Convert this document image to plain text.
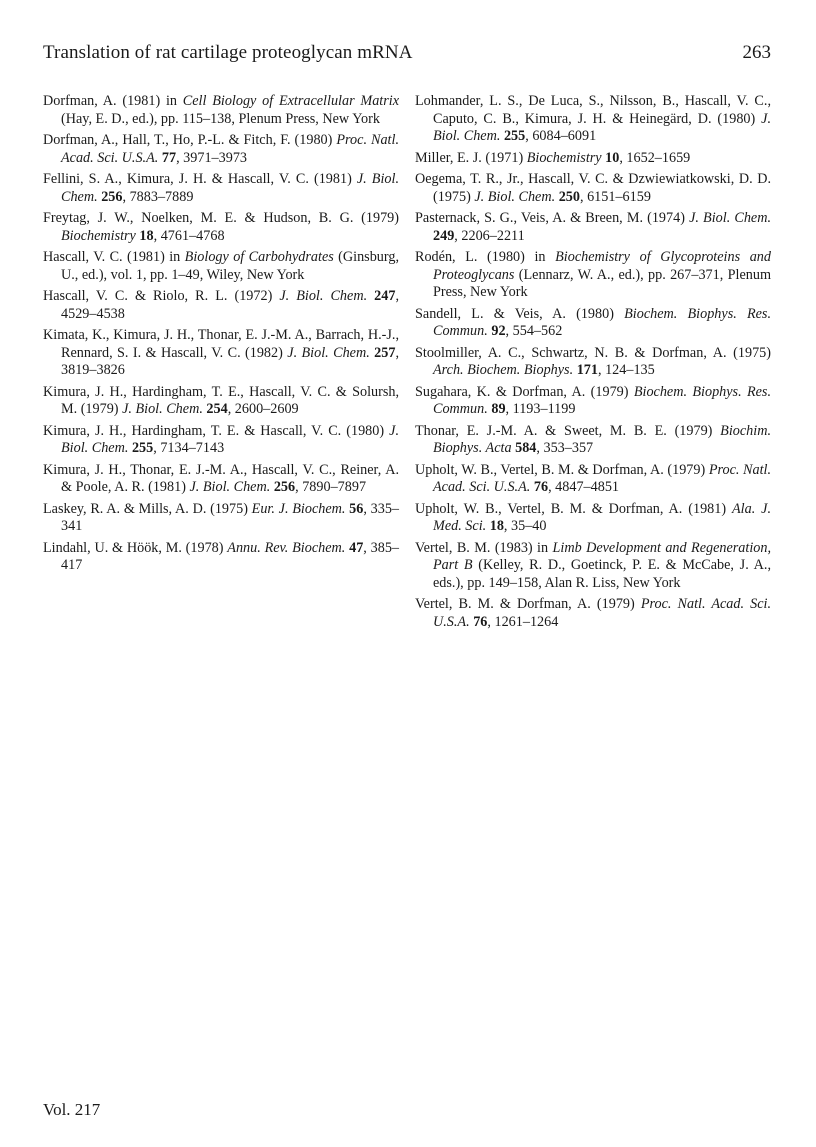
Translation of rat cartilage proteoglycan mRNA	263

Dorfman, A. (1981) in Cell Biology of Extracellular Matrix (Hay, E. D., ed.), pp. 115–138, Plenum Press, New York

Dorfman, A., Hall, T., Ho, P.-L. & Fitch, F. (1980) Proc. Natl. Acad. Sci. U.S.A. 77, 3971–3973

Fellini, S. A., Kimura, J. H. & Hascall, V. C. (1981) J. Biol. Chem. 256, 7883–7889

Freytag, J. W., Noelken, M. E. & Hudson, B. G. (1979) Biochemistry 18, 4761–4768

Hascall, V. C. (1981) in Biology of Carbohydrates (Ginsburg, U., ed.), vol. 1, pp. 1–49, Wiley, New York

Hascall, V. C. & Riolo, R. L. (1972) J. Biol. Chem. 247, 4529–4538

Kimata, K., Kimura, J. H., Thonar, E. J.-M. A., Barrach, H.-J., Rennard, S. I. & Hascall, V. C. (1982) J. Biol. Chem. 257, 3819–3826

Kimura, J. H., Hardingham, T. E., Hascall, V. C. & Solursh, M. (1979) J. Biol. Chem. 254, 2600–2609

Kimura, J. H., Hardingham, T. E. & Hascall, V. C. (1980) J. Biol. Chem. 255, 7134–7143

Kimura, J. H., Thonar, E. J.-M. A., Hascall, V. C., Reiner, A. & Poole, A. R. (1981) J. Biol. Chem. 256, 7890–7897

Laskey, R. A. & Mills, A. D. (1975) Eur. J. Biochem. 56, 335–341

Lindahl, U. & Höök, M. (1978) Annu. Rev. Biochem. 47, 385–417

Lohmander, L. S., De Luca, S., Nilsson, B., Hascall, V. C., Caputo, C. B., Kimura, J. H. & Heinegärd, D. (1980) J. Biol. Chem. 255, 6084–6091

Miller, E. J. (1971) Biochemistry 10, 1652–1659

Oegema, T. R., Jr., Hascall, V. C. & Dzwiewiatkowski, D. D. (1975) J. Biol. Chem. 250, 6151–6159

Pasternack, S. G., Veis, A. & Breen, M. (1974) J. Biol. Chem. 249, 2206–2211

Rodén, L. (1980) in Biochemistry of Glycoproteins and Proteoglycans (Lennarz, W. A., ed.), pp. 267–371, Plenum Press, New York

Sandell, L. & Veis, A. (1980) Biochem. Biophys. Res. Commun. 92, 554–562

Stoolmiller, A. C., Schwartz, N. B. & Dorfman, A. (1975) Arch. Biochem. Biophys. 171, 124–135

Sugahara, K. & Dorfman, A. (1979) Biochem. Biophys. Res. Commun. 89, 1193–1199

Thonar, E. J.-M. A. & Sweet, M. B. E. (1979) Biochim. Biophys. Acta 584, 353–357

Upholt, W. B., Vertel, B. M. & Dorfman, A. (1979) Proc. Natl. Acad. Sci. U.S.A. 76, 4847–4851

Upholt, W. B., Vertel, B. M. & Dorfman, A. (1981) Ala. J. Med. Sci. 18, 35–40

Vertel, B. M. (1983) in Limb Development and Regeneration, Part B (Kelley, R. D., Goetinck, P. E. & McCabe, J. A., eds.), pp. 149–158, Alan R. Liss, New York

Vertel, B. M. & Dorfman, A. (1979) Proc. Natl. Acad. Sci. U.S.A. 76, 1261–1264

Vol. 217
